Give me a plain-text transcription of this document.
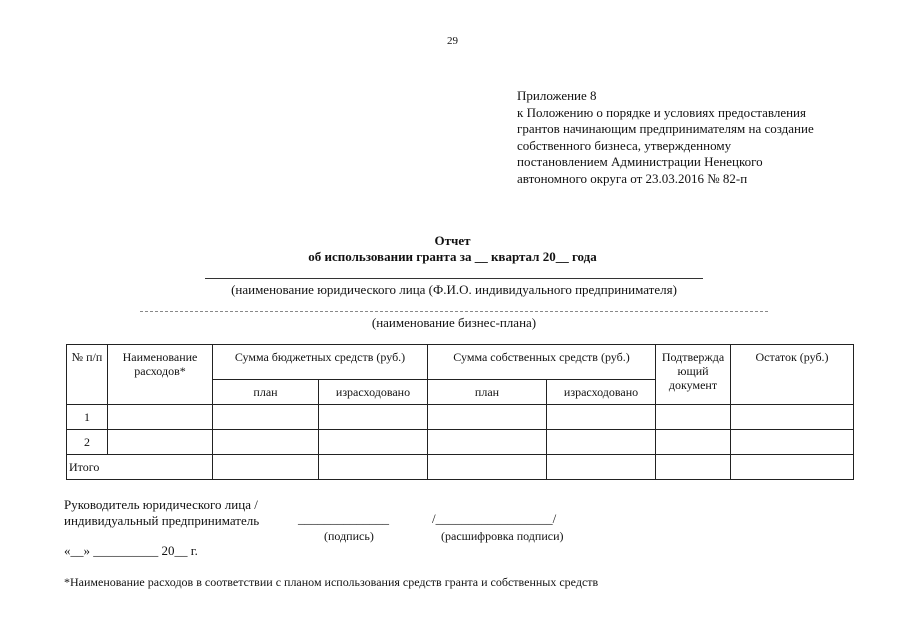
29
Приложение 8
к Положению о порядке и условиях предоставления
грантов начинающим предпринимателям на создание
собственного бизнеса, утвержденному
постановлением Администрации Ненецкого
автономного округа от 23.03.2016 № 82-п
Отчет
об использовании гранта за __ квартал 20__ года
(наименование юридического лица (Ф.И.О. индивидуального предпринимателя)
(наименование бизнес-плана)
№ п/п	Наименование расходов*	Сумма бюджетных средств (руб.)		Сумма собственных средств (руб.)		Подтвержда ющий документ	Остаток (руб.)
		план	израсходовано	план	израсходовано		
1							
2							
Итого							
Руководитель юридического лица /
индивидуальный предприниматель	______________	/__________________/
(подпись)	(расшифровка подписи)
«__» __________ 20__ г.
*Наименование расходов в соответствии с планом использования средств гранта и собственных средств
